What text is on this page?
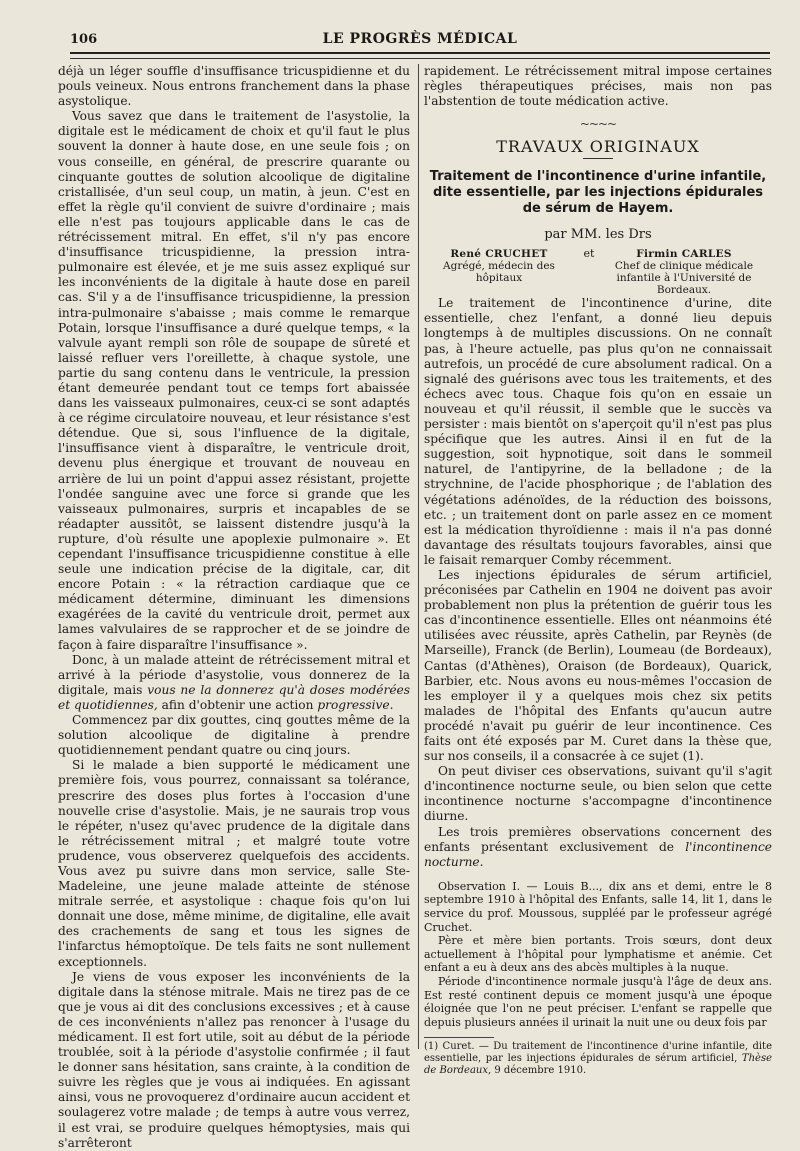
106	LE PROGRÈS MÉDICAL

déjà un léger souffle d'insuffisance tricuspidienne et du pouls veineux. Nous entrons franchement dans la phase asystolique.

Vous savez que dans le traitement de l'asystolie, la digitale est le médicament de choix et qu'il faut le plus souvent la donner à haute dose, en une seule fois ; on vous conseille, en général, de prescrire quarante ou cinquante gouttes de solution alcoolique de digitaline cristallisée, d'un seul coup, un matin, à jeun. C'est en effet la règle qu'il convient de suivre d'ordinaire ; mais elle n'est pas toujours applicable dans le cas de rétrécissement mitral. En effet, s'il n'y pas encore d'insuffisance tricuspidienne, la pression intra-pulmonaire est élevée, et je me suis assez expliqué sur les inconvénients de la digitale à haute dose en pareil cas. S'il y a de l'insuffisance tricuspidienne, la pression intra-pulmonaire s'abaisse ; mais comme le remarque Potain, lorsque l'insuffisance a duré quelque temps, « la valvule ayant rempli son rôle de soupape de sûreté et laissé refluer vers l'oreillette, à chaque systole, une partie du sang contenu dans le ventricule, la pression étant demeurée pendant tout ce temps fort abaissée dans les vaisseaux pulmonaires, ceux-ci se sont adaptés à ce régime circulatoire nouveau, et leur résistance s'est détendue. Que si, sous l'influence de la digitale, l'insuffisance vient à disparaître, le ventricule droit, devenu plus énergique et trouvant de nouveau en arrière de lui un point d'appui assez résistant, projette l'ondée sanguine avec une force si grande que les vaisseaux pulmonaires, surpris et incapables de se réadapter aussitôt, se laissent distendre jusqu'à la rupture, d'où résulte une apoplexie pulmonaire ». Et cependant l'insuffisance tricuspidienne constitue à elle seule une indication précise de la digitale, car, dit encore Potain : « la rétraction cardiaque que ce médicament détermine, diminuant les dimensions exagérées de la cavité du ventricule droit, permet aux lames valvulaires de se rapprocher et de se joindre de façon à faire disparaître l'insuffisance ».

Donc, à un malade atteint de rétrécissement mitral et arrivé à la période d'asystolie, vous donnerez de la digitale, mais vous ne la donnerez qu'à doses modérées et quotidiennes, afin d'obtenir une action progressive.

Commencez par dix gouttes, cinq gouttes même de la solution alcoolique de digitaline à prendre quotidiennement pendant quatre ou cinq jours.

Si le malade a bien supporté le médicament une première fois, vous pourrez, connaissant sa tolérance, prescrire des doses plus fortes à l'occasion d'une nouvelle crise d'asystolie. Mais, je ne saurais trop vous le répéter, n'usez qu'avec prudence de la digitale dans le rétrécissement mitral ; et malgré toute votre prudence, vous observerez quelquefois des accidents. Vous avez pu suivre dans mon service, salle Ste-Madeleine, une jeune malade atteinte de sténose mitrale serrée, et asystolique : chaque fois qu'on lui donnait une dose, même minime, de digitaline, elle avait des crachements de sang et tous les signes de l'infarctus hémoptoïque. De tels faits ne sont nullement exceptionnels.

Je viens de vous exposer les inconvénients de la digitale dans la sténose mitrale. Mais ne tirez pas de ce que je vous ai dit des conclusions excessives ; et à cause de ces inconvénients n'allez pas renoncer à l'usage du médicament. Il est fort utile, soit au début de la période troublée, soit à la période d'asystolie confirmée ; il faut le donner sans hésitation, sans crainte, à la condition de suivre les règles que je vous ai indiquées. En agissant ainsi, vous ne provoquerez d'ordinaire aucun accident et soulagerez votre malade ; de temps à autre vous verrez, il est vrai, se produire quelques hémoptysies, mais qui s'arrêteront

rapidement. Le rétrécissement mitral impose certaines règles thérapeutiques précises, mais non pas l'abstention de toute médication active.

~~~~
TRAVAUX ORIGINAUX
Traitement de l'incontinence d'urine infantile, dite essentielle, par les injections épidurales de sérum de Hayem.
par MM. les Drs
René CRUCHET
Agrégé, médecin des hôpitaux
et	Firmin CARLES
Chef de clinique médicale infantile à l'Université de Bordeaux.

Le traitement de l'incontinence d'urine, dite essentielle, chez l'enfant, a donné lieu depuis longtemps à de multiples discussions. On ne connaît pas, à l'heure actuelle, pas plus qu'on ne connaissait autrefois, un procédé de cure absolument radical. On a signalé des guérisons avec tous les traitements, et des échecs avec tous. Chaque fois qu'on en essaie un nouveau et qu'il réussit, il semble que le succès va persister : mais bientôt on s'aperçoit qu'il n'est pas plus spécifique que les autres. Ainsi il en fut de la suggestion, soit hypnotique, soit dans le sommeil naturel, de l'antipyrine, de la belladone ; de la strychnine, de l'acide phosphorique ; de l'ablation des végétations adénoïdes, de la réduction des boissons, etc. ; un traitement dont on parle assez en ce moment est la médication thyroïdienne : mais il n'a pas donné davantage des résultats toujours favorables, ainsi que le faisait remarquer Comby récemment.

Les injections épidurales de sérum artificiel, préconisées par Cathelin en 1904 ne doivent pas avoir probablement non plus la prétention de guérir tous les cas d'incontinence essentielle. Elles ont néanmoins été utilisées avec réussite, après Cathelin, par Reynès (de Marseille), Franck (de Berlin), Loumeau (de Bordeaux), Cantas (d'Athènes), Oraison (de Bordeaux), Quarick, Barbier, etc. Nous avons eu nous-mêmes l'occasion de les employer il y a quelques mois chez six petits malades de l'hôpital des Enfants qu'aucun autre procédé n'avait pu guérir de leur incontinence. Ces faits ont été exposés par M. Curet dans la thèse que, sur nos conseils, il a consacrée à ce sujet (1).

On peut diviser ces observations, suivant qu'il s'agit d'incontinence nocturne seule, ou bien selon que cette incontinence nocturne s'accompagne d'incontinence diurne.

Les trois premières observations concernent des enfants présentant exclusivement de l'incontinence nocturne.

Observation I. — Louis B..., dix ans et demi, entre le 8 septembre 1910 à l'hôpital des Enfants, salle 14, lit 1, dans le service du prof. Moussous, suppléé par le professeur agrégé Cruchet.

Père et mère bien portants. Trois sœurs, dont deux actuellement à l'hôpital pour lymphatisme et anémie. Cet enfant a eu à deux ans des abcès multiples à la nuque.

Période d'incontinence normale jusqu'à l'âge de deux ans. Est resté continent depuis ce moment jusqu'à une époque éloignée que l'on ne peut préciser. L'enfant se rappelle que depuis plusieurs années il urinait la nuit une ou deux fois par

(1) Curet. — Du traitement de l'incontinence d'urine infantile, dite essentielle, par les injections épidurales de sérum artificiel, Thèse de Bordeaux, 9 décembre 1910.
